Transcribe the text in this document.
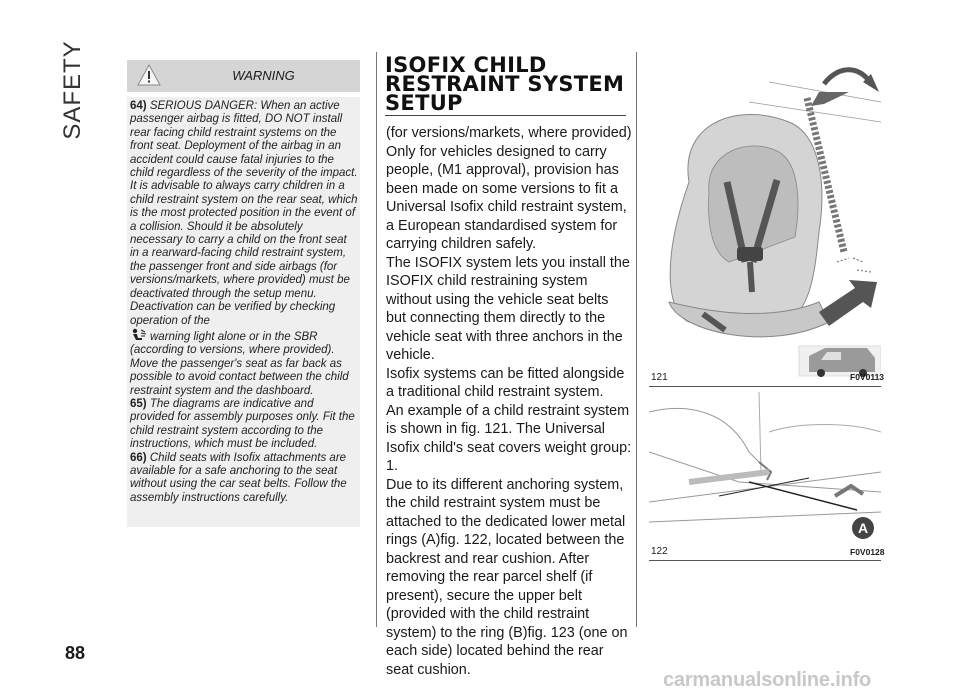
SAFETY
88
WARNING

64) SERIOUS DANGER: When an active passenger airbag is fitted, DO NOT install rear facing child restraint systems on the front seat. Deployment of the airbag in an accident could cause fatal injuries to the child regardless of the severity of the impact. It is advisable to always carry children in a child restraint system on the rear seat, which is the most protected position in the event of a collision. Should it be absolutely necessary to carry a child on the front seat in a rearward-facing child restraint system, the passenger front and side airbags (for versions/markets, where provided) must be deactivated through the setup menu. Deactivation can be verified by checking operation of the
warning light alone or in the SBR (according to versions, where provided). Move the passenger's seat as far back as possible to avoid contact between the child restraint system and the dashboard.

65) The diagrams are indicative and provided for assembly purposes only. Fit the child restraint system according to the instructions, which must be included.

66) Child seats with Isofix attachments are available for a safe anchoring to the seat without using the car seat belts. Follow the assembly instructions carefully.

ISOFIX CHILD
RESTRAINT SYSTEM
SETUP

(for versions/markets, where provided)

Only for vehicles designed to carry people, (M1 approval), provision has been made on some versions to fit a Universal Isofix child restraint system, a European standardised system for carrying children safely.

The ISOFIX system lets you install the ISOFIX child restraining system without using the vehicle seat belts but connecting them directly to the vehicle seat with three anchors in the vehicle.

Isofix systems can be fitted alongside a traditional child restraint system.

An example of a child restraint system is shown in fig. 121. The Universal Isofix child's seat covers weight group: 1.

Due to its different anchoring system, the child restraint system must be attached to the dedicated lower metal rings (A)fig. 122, located between the backrest and rear cushion. After removing the rear parcel shelf (if present), secure the upper belt (provided with the child restraint system) to the ring (B)fig. 123 (one on each side) located behind the rear seat cushion.

121	F0V0113
A
122	F0V0128
carmanualsonline.info
